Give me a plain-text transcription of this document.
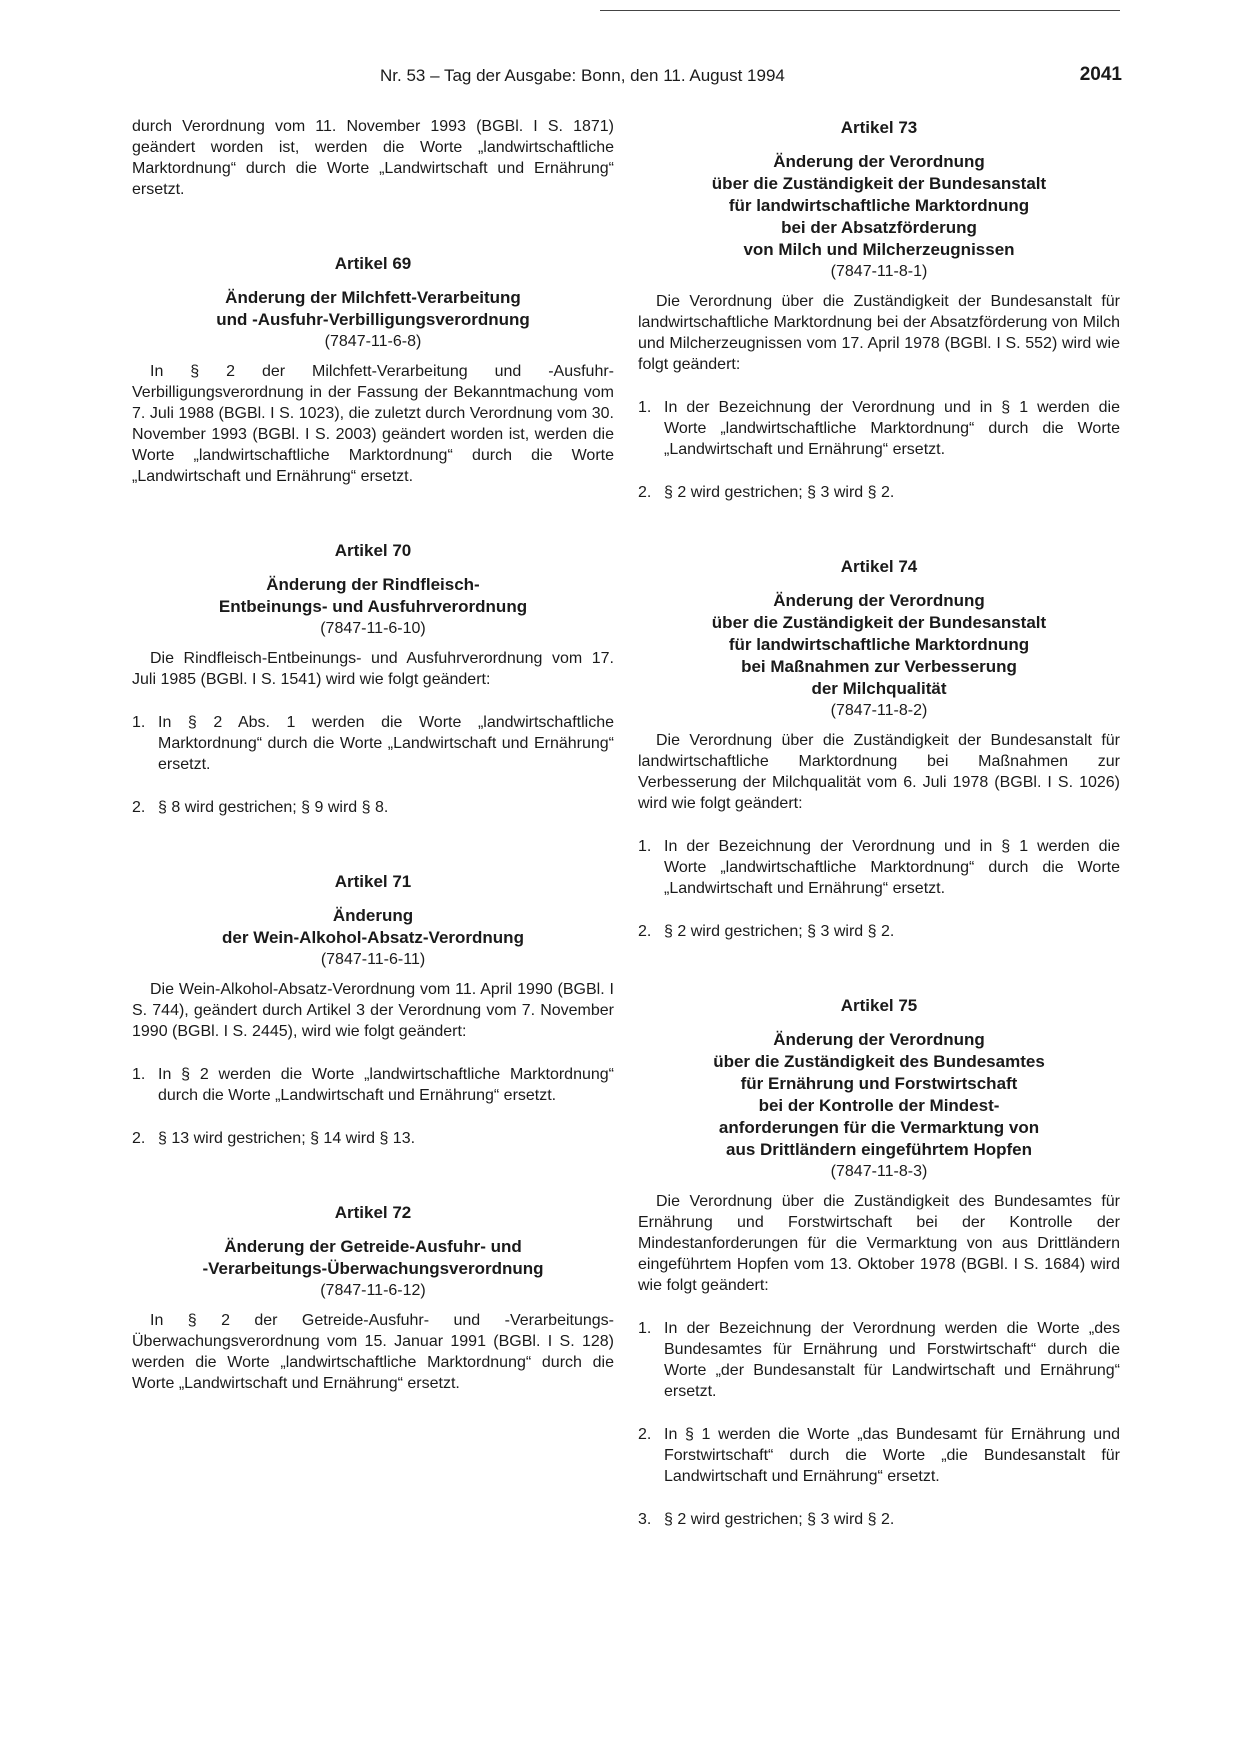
Nr. 53 – Tag der Ausgabe: Bonn, den 11. August 1994	2041

durch Verordnung vom 11. November 1993 (BGBl. I S. 1871) geändert worden ist, werden die Worte „landwirtschaftliche Marktordnung“ durch die Worte „Landwirtschaft und Ernährung“ ersetzt.

Artikel 69
Änderung der Milchfett-Verarbeitung
und -Ausfuhr-Verbilligungsverordnung
(7847-11-6-8)

In § 2 der Milchfett-Verarbeitung und -Ausfuhr-Verbilligungsverordnung in der Fassung der Bekanntmachung vom 7. Juli 1988 (BGBl. I S. 1023), die zuletzt durch Verordnung vom 30. November 1993 (BGBl. I S. 2003) geändert worden ist, werden die Worte „landwirtschaftliche Marktordnung“ durch die Worte „Landwirtschaft und Ernährung“ ersetzt.

Artikel 70
Änderung der Rindfleisch-
Entbeinungs- und Ausfuhrverordnung
(7847-11-6-10)

Die Rindfleisch-Entbeinungs- und Ausfuhrverordnung vom 17. Juli 1985 (BGBl. I S. 1541) wird wie folgt geändert:

1. In § 2 Abs. 1 werden die Worte „landwirtschaftliche Marktordnung“ durch die Worte „Landwirtschaft und Ernährung“ ersetzt.
2. § 8 wird gestrichen; § 9 wird § 8.
Artikel 71
Änderung
der Wein-Alkohol-Absatz-Verordnung
(7847-11-6-11)

Die Wein-Alkohol-Absatz-Verordnung vom 11. April 1990 (BGBl. I S. 744), geändert durch Artikel 3 der Verordnung vom 7. November 1990 (BGBl. I S. 2445), wird wie folgt geändert:

1. In § 2 werden die Worte „landwirtschaftliche Marktordnung“ durch die Worte „Landwirtschaft und Ernährung“ ersetzt.
2. § 13 wird gestrichen; § 14 wird § 13.
Artikel 72
Änderung der Getreide-Ausfuhr- und
-Verarbeitungs-Überwachungsverordnung
(7847-11-6-12)

In § 2 der Getreide-Ausfuhr- und -Verarbeitungs-Überwachungsverordnung vom 15. Januar 1991 (BGBl. I S. 128) werden die Worte „landwirtschaftliche Marktordnung“ durch die Worte „Landwirtschaft und Ernährung“ ersetzt.

Artikel 73
Änderung der Verordnung
über die Zuständigkeit der Bundesanstalt
für landwirtschaftliche Marktordnung
bei der Absatzförderung
von Milch und Milcherzeugnissen
(7847-11-8-1)

Die Verordnung über die Zuständigkeit der Bundesanstalt für landwirtschaftliche Marktordnung bei der Absatzförderung von Milch und Milcherzeugnissen vom 17. April 1978 (BGBl. I S. 552) wird wie folgt geändert:

1. In der Bezeichnung der Verordnung und in § 1 werden die Worte „landwirtschaftliche Marktordnung“ durch die Worte „Landwirtschaft und Ernährung“ ersetzt.
2. § 2 wird gestrichen; § 3 wird § 2.
Artikel 74
Änderung der Verordnung
über die Zuständigkeit der Bundesanstalt
für landwirtschaftliche Marktordnung
bei Maßnahmen zur Verbesserung
der Milchqualität
(7847-11-8-2)

Die Verordnung über die Zuständigkeit der Bundesanstalt für landwirtschaftliche Marktordnung bei Maßnahmen zur Verbesserung der Milchqualität vom 6. Juli 1978 (BGBl. I S. 1026) wird wie folgt geändert:

1. In der Bezeichnung der Verordnung und in § 1 werden die Worte „landwirtschaftliche Marktordnung“ durch die Worte „Landwirtschaft und Ernährung“ ersetzt.
2. § 2 wird gestrichen; § 3 wird § 2.
Artikel 75
Änderung der Verordnung
über die Zuständigkeit des Bundesamtes
für Ernährung und Forstwirtschaft
bei der Kontrolle der Mindest-
anforderungen für die Vermarktung von
aus Drittländern eingeführtem Hopfen
(7847-11-8-3)

Die Verordnung über die Zuständigkeit des Bundesamtes für Ernährung und Forstwirtschaft bei der Kontrolle der Mindestanforderungen für die Vermarktung von aus Drittländern eingeführtem Hopfen vom 13. Oktober 1978 (BGBl. I S. 1684) wird wie folgt geändert:

1. In der Bezeichnung der Verordnung werden die Worte „des Bundesamtes für Ernährung und Forstwirtschaft“ durch die Worte „der Bundesanstalt für Landwirtschaft und Ernährung“ ersetzt.
2. In § 1 werden die Worte „das Bundesamt für Ernährung und Forstwirtschaft“ durch die Worte „die Bundesanstalt für Landwirtschaft und Ernährung“ ersetzt.
3. § 2 wird gestrichen; § 3 wird § 2.
